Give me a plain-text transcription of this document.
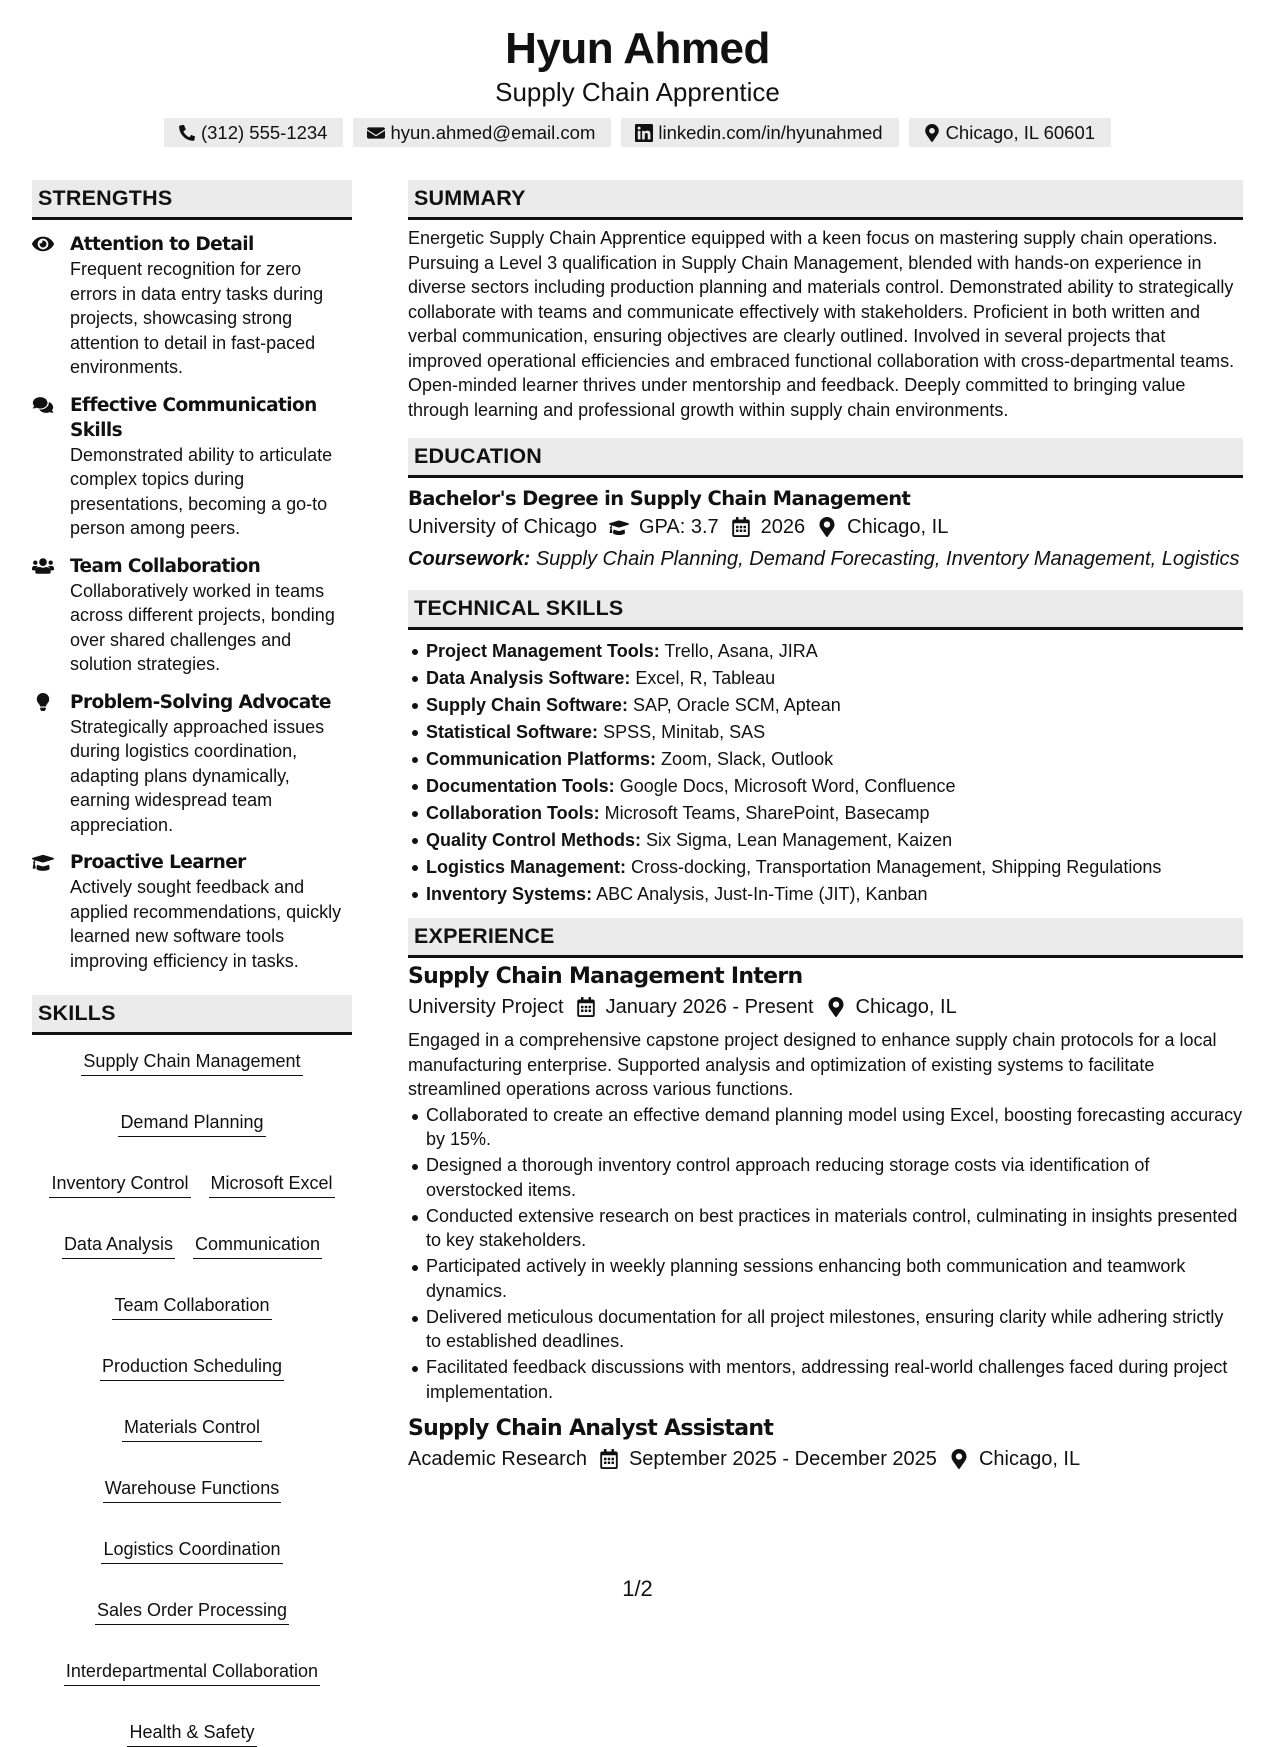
Hyun Ahmed
Supply Chain Apprentice
(312) 555-1234	hyun.ahmed@email.com	linkedin.com/in/hyunahmed	Chicago, IL 60601
STRENGTHS
Attention to Detail
Frequent recognition for zero errors in data entry tasks during projects, showcasing strong attention to detail in fast-paced environments.
Effective Communication Skills
Demonstrated ability to articulate complex topics during presentations, becoming a go-to person among peers.
Team Collaboration
Collaboratively worked in teams across different projects, bonding over shared challenges and solution strategies.
Problem-Solving Advocate
Strategically approached issues during logistics coordination, adapting plans dynamically, earning widespread team appreciation.
Proactive Learner
Actively sought feedback and applied recommendations, quickly learned new software tools improving efficiency in tasks.
SKILLS
Supply Chain Management
Demand Planning
Inventory Control Microsoft Excel
Data Analysis Communication
Team Collaboration
Production Scheduling
Materials Control
Warehouse Functions
Logistics Coordination
Sales Order Processing
Interdepartmental Collaboration
Health & Safety
SUMMARY
Energetic Supply Chain Apprentice equipped with a keen focus on mastering supply chain operations. Pursuing a Level 3 qualification in Supply Chain Management, blended with hands-on experience in diverse sectors including production planning and materials control. Demonstrated ability to strategically collaborate with teams and communicate effectively with stakeholders. Proficient in both written and verbal communication, ensuring objectives are clearly outlined. Involved in several projects that improved operational efficiencies and embraced functional collaboration with cross-departmental teams. Open-minded learner thrives under mentorship and feedback. Deeply committed to bringing value through learning and professional growth within supply chain environments.
EDUCATION
Bachelor's Degree in Supply Chain Management
University of Chicago GPA: 3.7 2026 Chicago, IL
Coursework: Supply Chain Planning, Demand Forecasting, Inventory Management, Logistics
TECHNICAL SKILLS
Project Management Tools: Trello, Asana, JIRA
Data Analysis Software: Excel, R, Tableau
Supply Chain Software: SAP, Oracle SCM, Aptean
Statistical Software: SPSS, Minitab, SAS
Communication Platforms: Zoom, Slack, Outlook
Documentation Tools: Google Docs, Microsoft Word, Confluence
Collaboration Tools: Microsoft Teams, SharePoint, Basecamp
Quality Control Methods: Six Sigma, Lean Management, Kaizen
Logistics Management: Cross-docking, Transportation Management, Shipping Regulations
Inventory Systems: ABC Analysis, Just-In-Time (JIT), Kanban
EXPERIENCE
Supply Chain Management Intern
University Project January 2026 - Present Chicago, IL
Engaged in a comprehensive capstone project designed to enhance supply chain protocols for a local manufacturing enterprise. Supported analysis and optimization of existing systems to facilitate streamlined operations across various functions.
Collaborated to create an effective demand planning model using Excel, boosting forecasting accuracy by 15%.
Designed a thorough inventory control approach reducing storage costs via identification of overstocked items.
Conducted extensive research on best practices in materials control, culminating in insights presented to key stakeholders.
Participated actively in weekly planning sessions enhancing both communication and teamwork dynamics.
Delivered meticulous documentation for all project milestones, ensuring clarity while adhering strictly to established deadlines.
Facilitated feedback discussions with mentors, addressing real-world challenges faced during project implementation.
Supply Chain Analyst Assistant
Academic Research September 2025 - December 2025 Chicago, IL
1/2
